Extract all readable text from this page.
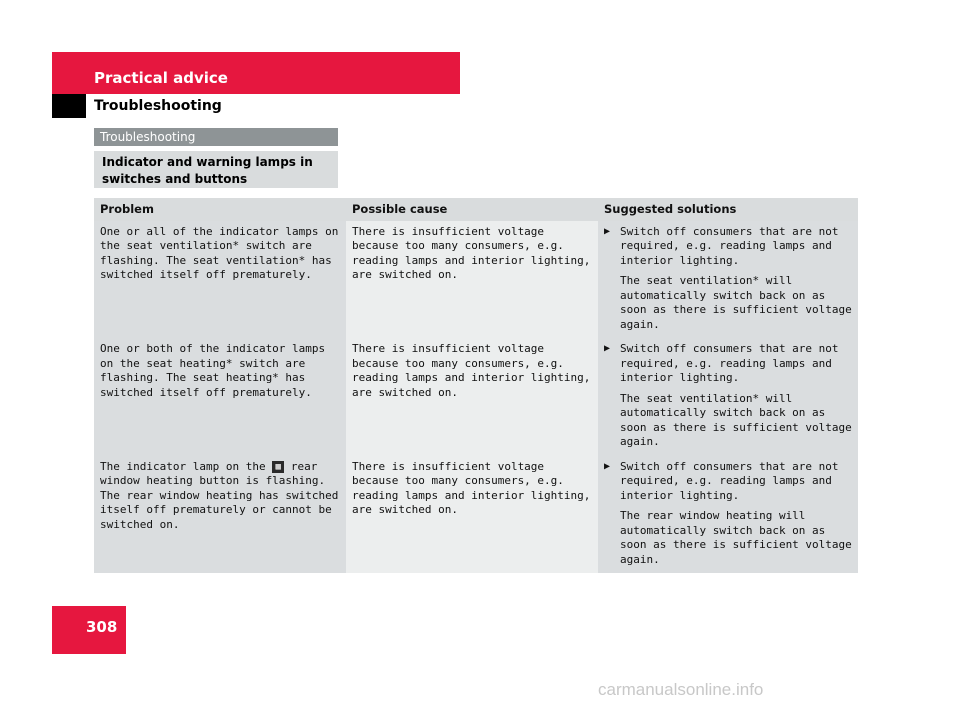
Practical advice
Troubleshooting
Troubleshooting
Indicator and warning lamps in switches and buttons
Problem	Possible cause	Suggested solutions
One or all of the indicator lamps on the seat ventilation* switch are flashing. The seat ventilation* has switched itself off prematurely.	There is insufficient voltage because too many consumers, e.g. reading lamps and interior lighting, are switched on.	▶ Switch off consumers that are not required, e.g. reading lamps and interior lighting.
The seat ventilation* will automatically switch back on as soon as there is sufficient voltage again.

One or both of the indicator lamps on the seat heating* switch are flashing. The seat heating* has switched itself off prematurely.	There is insufficient voltage because too many consumers, e.g. reading lamps and interior lighting, are switched on.	▶ Switch off consumers that are not required, e.g. reading lamps and interior lighting.
The seat ventilation* will automatically switch back on as soon as there is sufficient voltage again.

The indicator lamp on the ▦ rear window heating button is flashing. The rear window heating has switched itself off prematurely or cannot be switched on.	There is insufficient voltage because too many consumers, e.g. reading lamps and interior lighting, are switched on.	▶ Switch off consumers that are not required, e.g. reading lamps and interior lighting.
The rear window heating will automatically switch back on as soon as there is sufficient voltage again.
308
carmanualsonline.info
